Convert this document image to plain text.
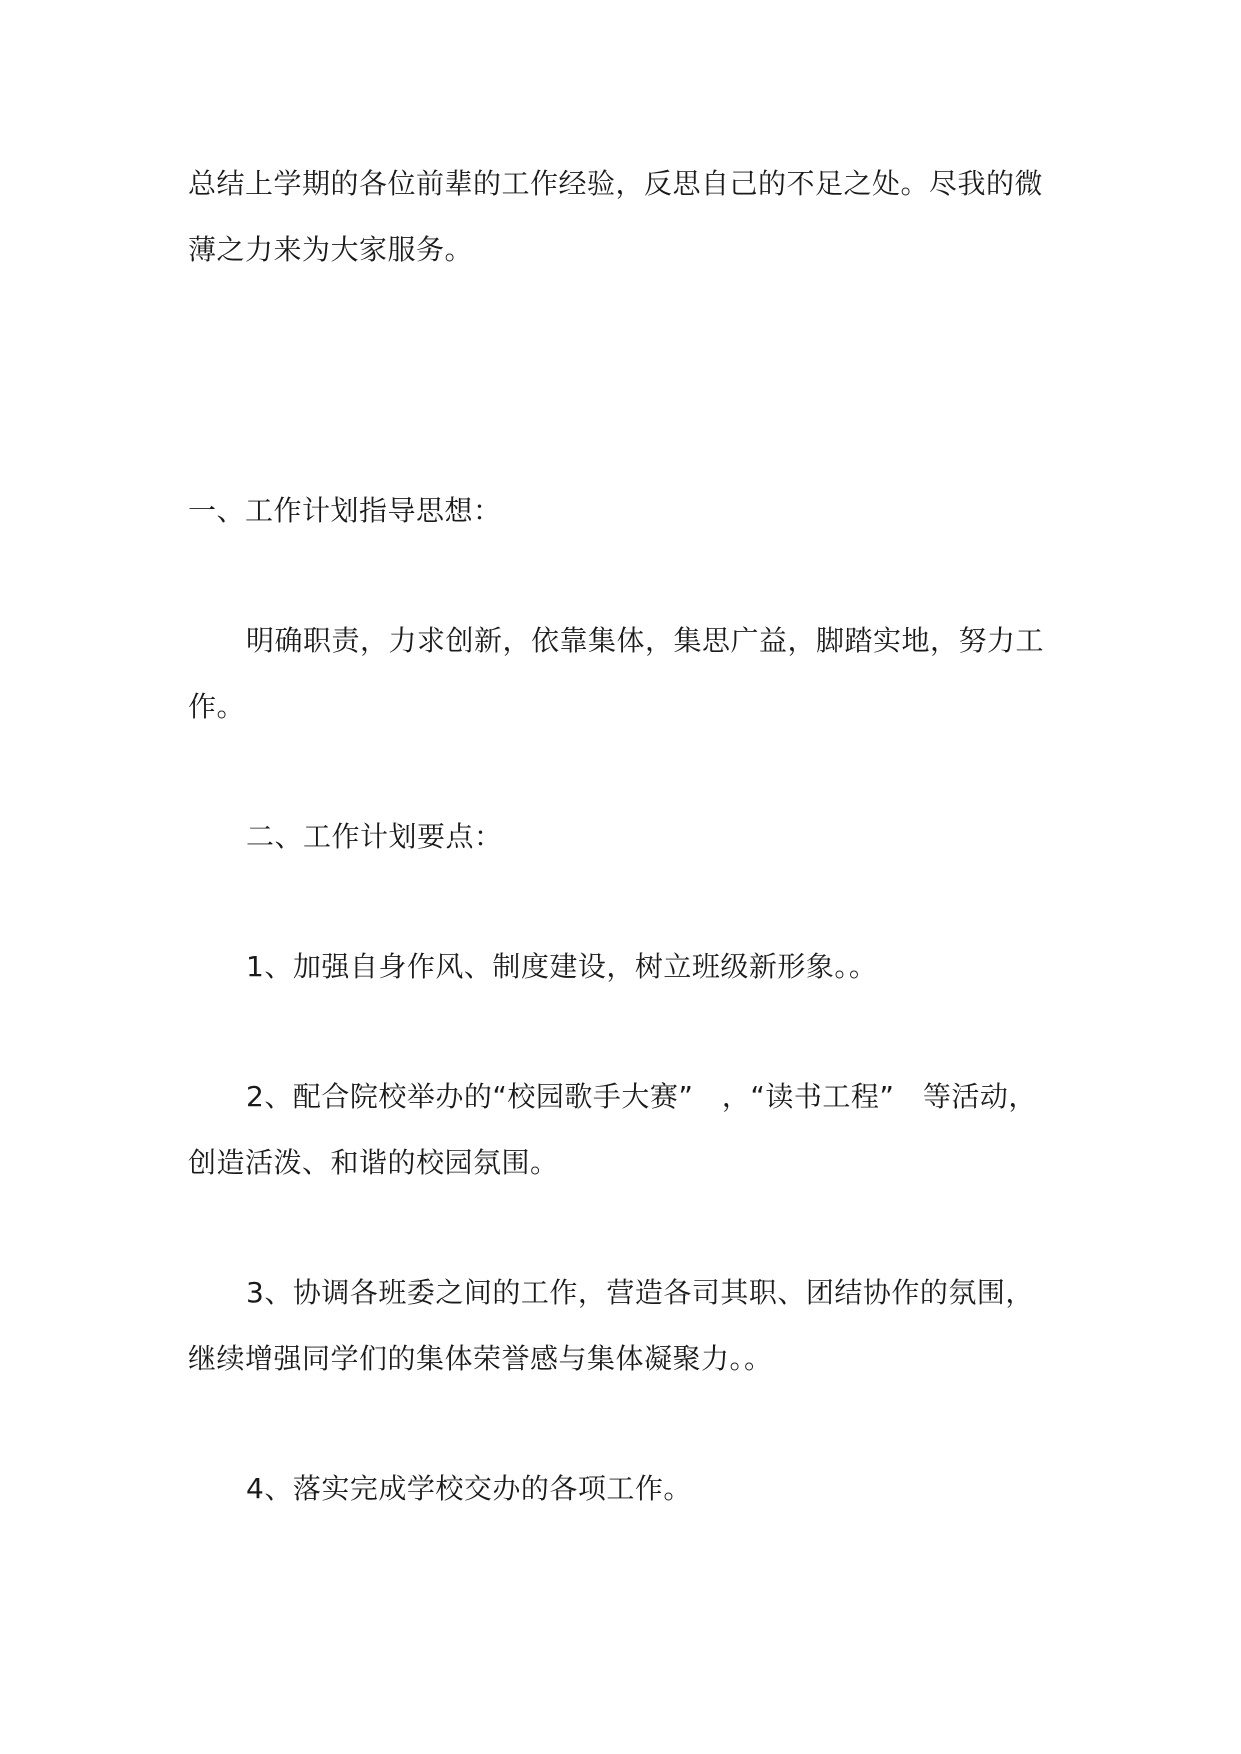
总结上学期的各位前辈的工作经验，反思自己的不足之处。尽我的微
薄之力来为大家服务。
一、工作计划指导思想：
明确职责，力求创新，依靠集体，集思广益，脚踏实地，努力工
作。
二、工作计划要点：
1、加强自身作风、制度建设，树立班级新形象。。
2、配合院校举办的“校园歌手大赛”　，“读书工程”　等活动，
创造活泼、和谐的校园氛围。
3、协调各班委之间的工作，营造各司其职、团结协作的氛围，
继续增强同学们的集体荣誉感与集体凝聚力。。
4、落实完成学校交办的各项工作。
